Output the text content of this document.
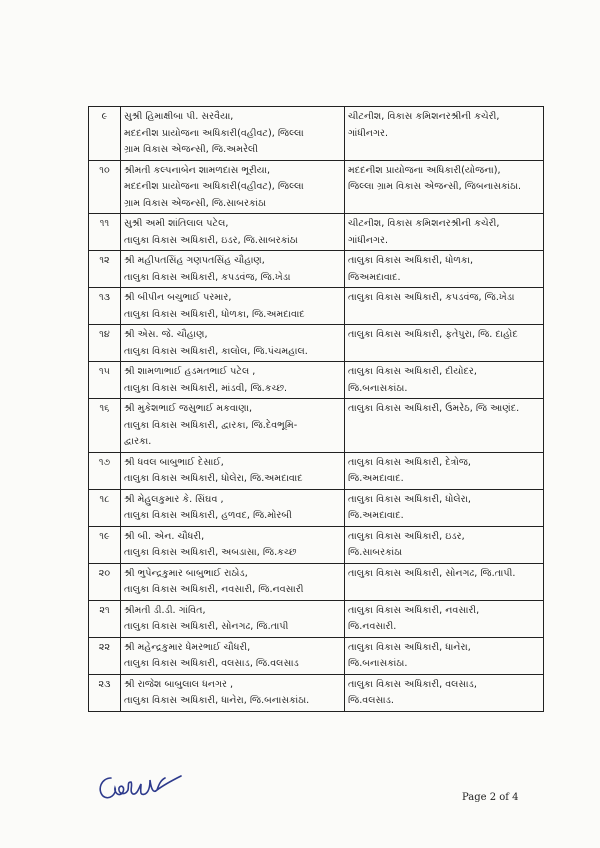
૯	સુશ્રી હિમાક્ષીબા પી. સરવૈયા,
મદદનીશ પ્રાયોજના અધિકારી(વહીવટ), જિલ્લા
ગ્રામ વિકાસ એજન્સી, જિ.અમરેલી	ચીટનીશ, વિકાસ કમિશનરશ્રીની કચેરી,
ગાંધીનગર.

૧૦	શ્રીમતી કલ્પનાબેન શામળદાસ ભૂરીયા,
મદદનીશ પ્રાયોજના અધિકારી(વહીવટ), જિલ્લા
ગ્રામ વિકાસ એજન્સી, જિ.સાબરકાંઠા	મદદનીશ પ્રાયોજના અધિકારી(યોજના),
જિલ્લા ગ્રામ વિકાસ એજન્સી, જિબનાસકાંઠા.

૧૧	સુશ્રી અમી શાંતિલાલ પટેલ,
તાલુકા વિકાસ અધિકારી, ઇડર, જિ.સાબરકાંઠા	ચીટનીશ, વિકાસ કમિશનરશ્રીની કચેરી,
ગાંધીનગર.

૧૨	શ્રી મહીપતસિંહ ગણપતસિંહ ચૌહાણ,
તાલુકા વિકાસ અધિકારી, કપડવંજ, જિ.ખેડા	તાલુકા વિકાસ અધિકારી, ધોળકા,
જિઅમદાવાદ.

૧૩	શ્રી બીપીન બચુભાઈ પરમાર,
તાલુકા વિકાસ અધિકારી, ધોળકા, જિ.અમદાવાદ	તાલુકા વિકાસ અધિકારી, કપડવંજ, જિ.ખેડા

૧૪	શ્રી એસ. જે. ચૌહાણ,
તાલુકા વિકાસ અધિકારી, કાલોલ, જિ.પંચમહાલ.	તાલુકા વિકાસ અધિકારી, ફતેપુરા, જિ. દાહોદ

૧૫	શ્રી શામળાભાઈ હડમતભાઈ પટેલ ,
તાલુકા વિકાસ અધિકારી, માંડવી, જિ.કચ્છ.	તાલુકા વિકાસ અધિકારી, દીયોદર,
જિ.બનાસકાંઠા.

૧૬	શ્રી મુકેશભાઈ જસુભાઈ મકવાણા,
તાલુકા વિકાસ અધિકારી, દ્વારકા, જિ.દેવભૂમિ-
દ્વારકા.	તાલુકા વિકાસ અધિકારી, ઉમરેઠ, જિ આણંદ.

૧૭	શ્રી ધવલ બાબુભાઈ દેસાઈ,
તાલુકા વિકાસ અધિકારી, ધોલેરા, જિ.અમદાવાદ	તાલુકા વિકાસ અધિકારી, દેત્રોજ,
જિ.અમદાવાદ.

૧૮	શ્રી મેહુલકુમાર કે. સિંઘવ ,
તાલુકા વિકાસ અધિકારી, હળવદ, જિ.મોરબી	તાલુકા વિકાસ અધિકારી, ધોલેરા,
જિ.અમદાવાદ.

૧૯	શ્રી બી. એન. ચૌધરી,
તાલુકા વિકાસ અધિકારી, અબડાસા, જિ.કચ્છ	તાલુકા વિકાસ અધિકારી, ઇડર,
જિ.સાબરકાંઠા

૨૦	શ્રી ભુપેન્દ્રકુમાર બાબુભાઈ રાઠોડ,
તાલુકા વિકાસ અધિકારી, નવસારી, જિ.નવસારી	તાલુકા વિકાસ અધિકારી, સોનગઢ, જિ.તાપી.

૨૧	શ્રીમતી ડી.ડી. ગાંવિત,
તાલુકા વિકાસ અધિકારી, સોનગઢ, જિ.તાપી	તાલુકા વિકાસ અધિકારી, નવસારી,
જિ.નવસારી.

૨૨	શ્રી મહેન્દ્રકુમાર ધેમરભાઈ ચૌધરી,
તાલુકા વિકાસ અધિકારી, વલસાડ, જિ.વલસાડ	તાલુકા વિકાસ અધિકારી, ધાનેરા,
જિ.બનાસકાંઠા.

૨૩	શ્રી રાજેશ બાબુલાલ ધનગર ,
તાલુકા વિકાસ અધિકારી, ધાનેરા, જિ.બનાસકાંઠા.	તાલુકા વિકાસ અધિકારી, વલસાડ,
જિ.વલસાડ.
Page 2 of 4
